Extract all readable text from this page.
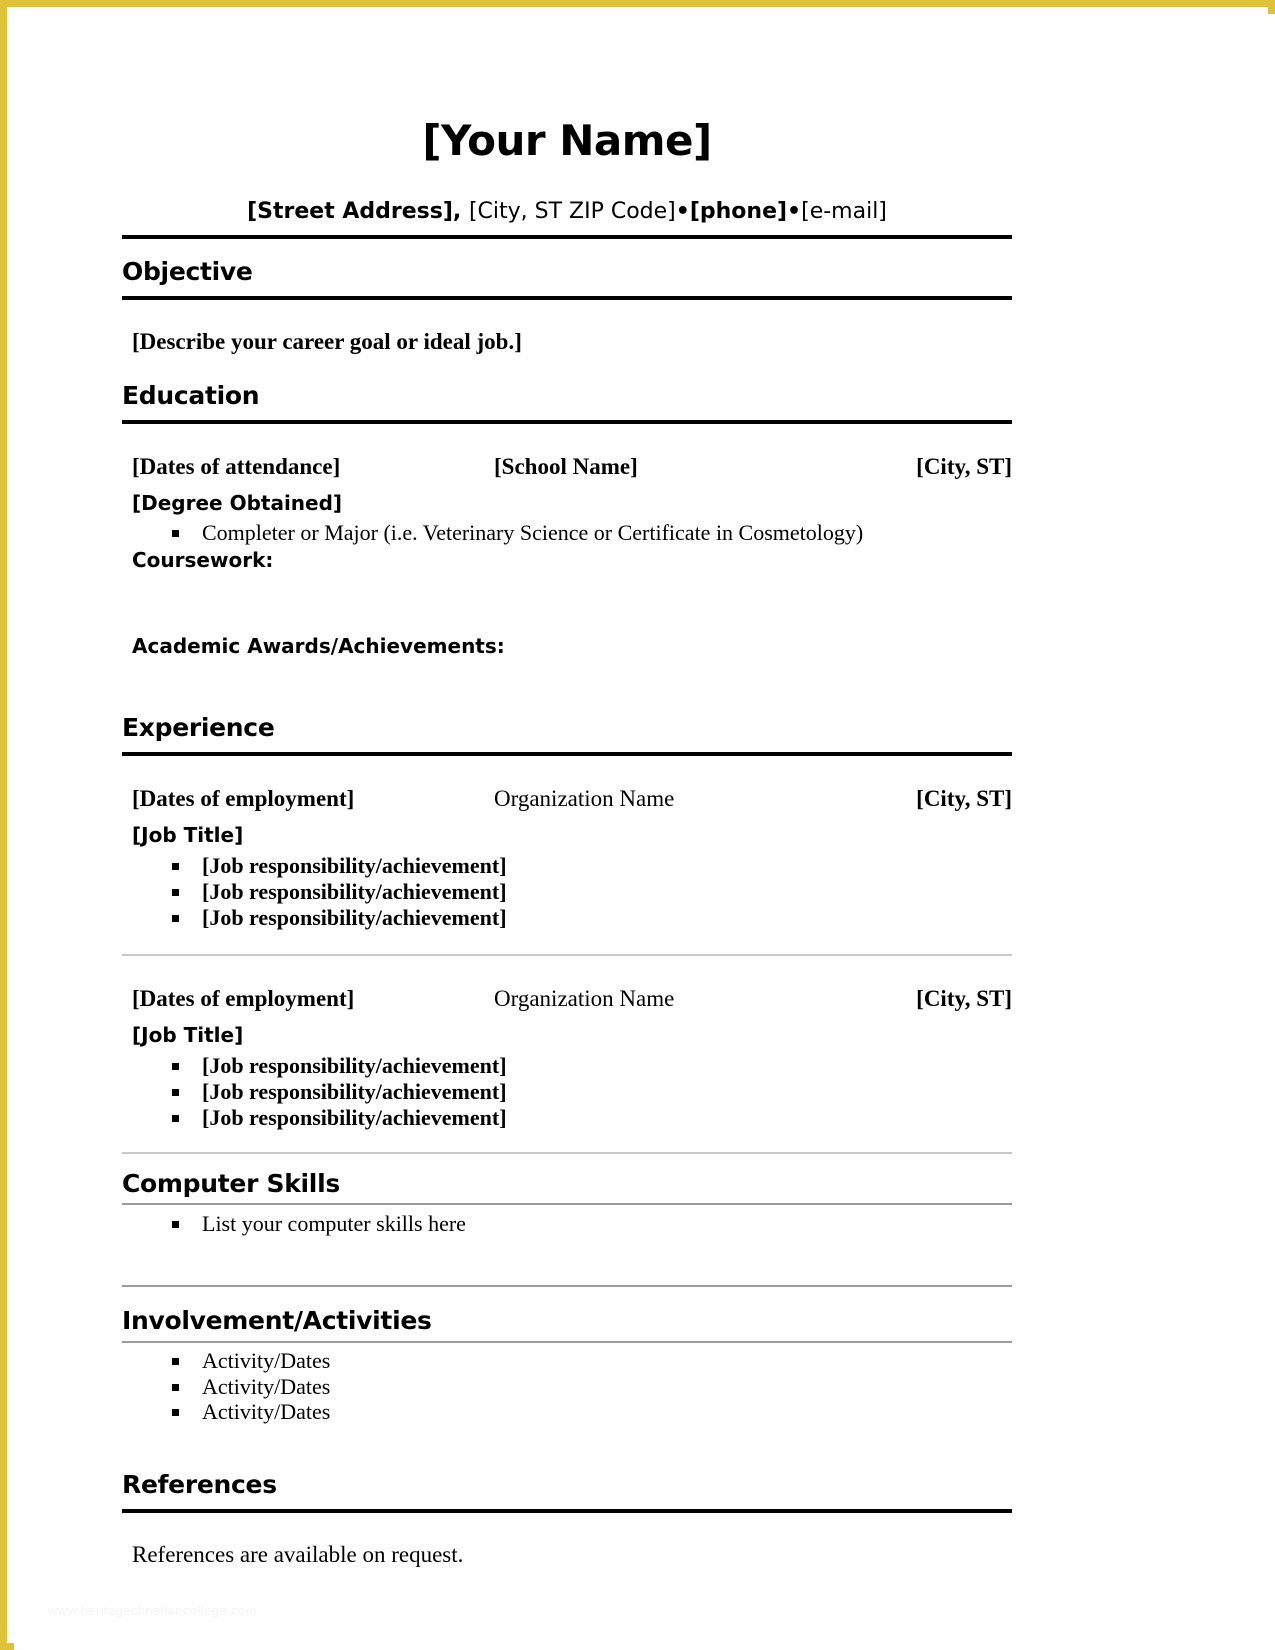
[Your Name]
[Street Address], [City, ST ZIP Code]•[phone]•[e-mail]
Objective
[Describe your career goal or ideal job.]
Education
[Dates of attendance]	[School Name]	[City, ST]
[Degree Obtained]
Completer or Major (i.e. Veterinary Science or Certificate in Cosmetology)
Coursework:
Academic Awards/Achievements:
Experience
[Dates of employment]	Organization Name	[City, ST]
[Job Title]
[Job responsibility/achievement]
[Job responsibility/achievement]
[Job responsibility/achievement]
[Dates of employment]	Organization Name	[City, ST]
[Job Title]
[Job responsibility/achievement]
[Job responsibility/achievement]
[Job responsibility/achievement]
Computer Skills
List your computer skills here
Involvement/Activities
Activity/Dates
Activity/Dates
Activity/Dates
References
References are available on request.
www.heritagechristiancollege.com
